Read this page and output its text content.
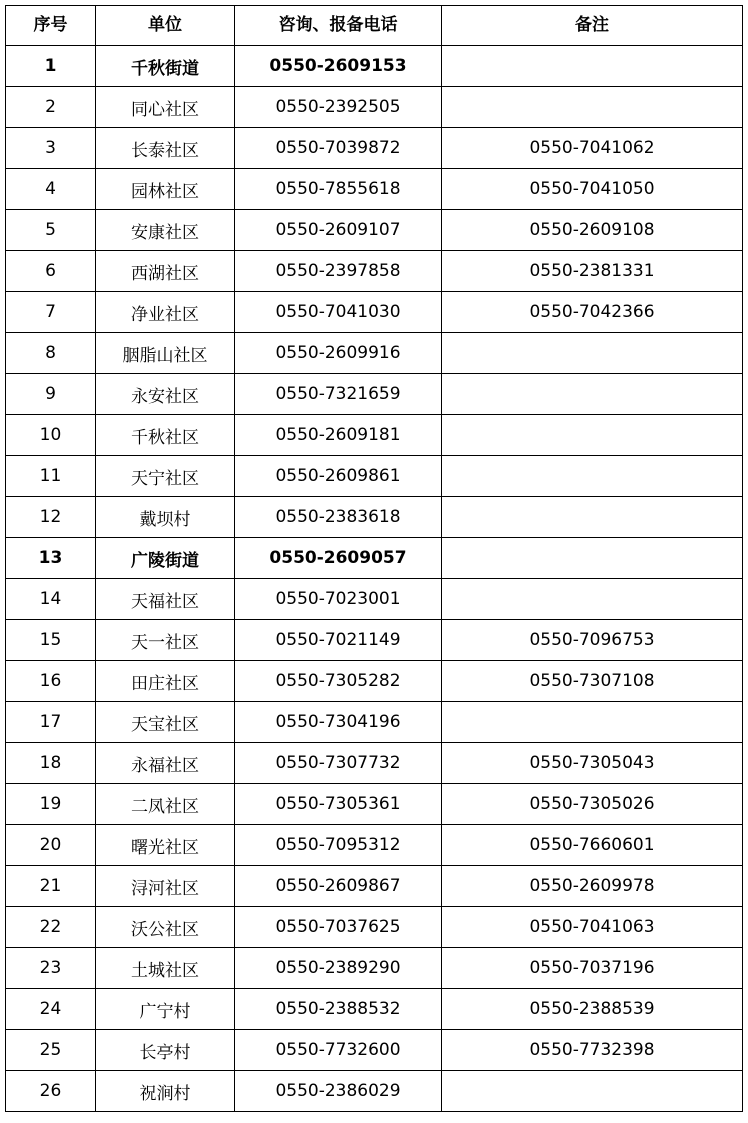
序号	单位	咨询、报备电话	备注
1	千秋街道	0550-2609153	
2	同心社区	0550-2392505	
3	长泰社区	0550-7039872	0550-7041062
4	园林社区	0550-7855618	0550-7041050
5	安康社区	0550-2609107	0550-2609108
6	西湖社区	0550-2397858	0550-2381331
7	净业社区	0550-7041030	0550-7042366
8	胭脂山社区	0550-2609916	
9	永安社区	0550-7321659	
10	千秋社区	0550-2609181	
11	天宁社区	0550-2609861	
12	戴坝村	0550-2383618	
13	广陵街道	0550-2609057	
14	天福社区	0550-7023001	
15	天一社区	0550-7021149	0550-7096753
16	田庄社区	0550-7305282	0550-7307108
17	天宝社区	0550-7304196	
18	永福社区	0550-7307732	0550-7305043
19	二凤社区	0550-7305361	0550-7305026
20	曙光社区	0550-7095312	0550-7660601
21	浔河社区	0550-2609867	0550-2609978
22	沃公社区	0550-7037625	0550-7041063
23	土城社区	0550-2389290	0550-7037196
24	广宁村	0550-2388532	0550-2388539
25	长亭村	0550-7732600	0550-7732398
26	祝涧村	0550-2386029	
